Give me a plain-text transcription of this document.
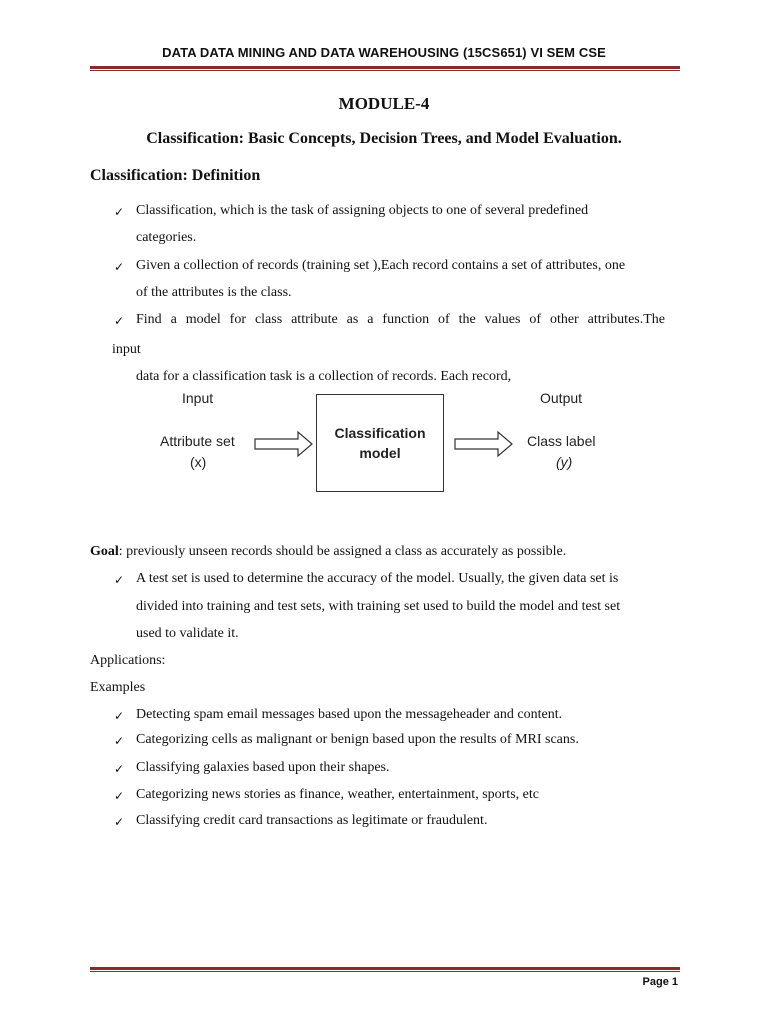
DATA DATA MINING AND DATA WAREHOUSING (15CS651) VI SEM CSE
MODULE-4
Classification: Basic Concepts, Decision Trees, and Model Evaluation.
Classification: Definition
✓ Classification, which is the task of assigning objects to one of several predefined
categories.
✓ Given a collection of records (training set ),Each record contains a set of attributes, one
of the attributes is the class.
✓ Find a model for class attribute as a function of the values of other attributes.The
input
data for a classification task is a collection of records. Each record,
Input	Output
Attribute set
(x)
Classification
model
Class label
(y)
Goal: previously unseen records should be assigned a class as accurately as possible.
✓ A test set is used to determine the accuracy of the model. Usually, the given data set is
divided into training and test sets, with training set used to build the model and test set
used to validate it.
Applications:
Examples
✓ Detecting spam email messages based upon the messageheader and content.
✓ Categorizing cells as malignant or benign based upon the results of MRI scans.
✓ Classifying galaxies based upon their shapes.
✓ Categorizing news stories as finance, weather, entertainment, sports, etc
✓ Classifying credit card transactions as legitimate or fraudulent.
Page 1
